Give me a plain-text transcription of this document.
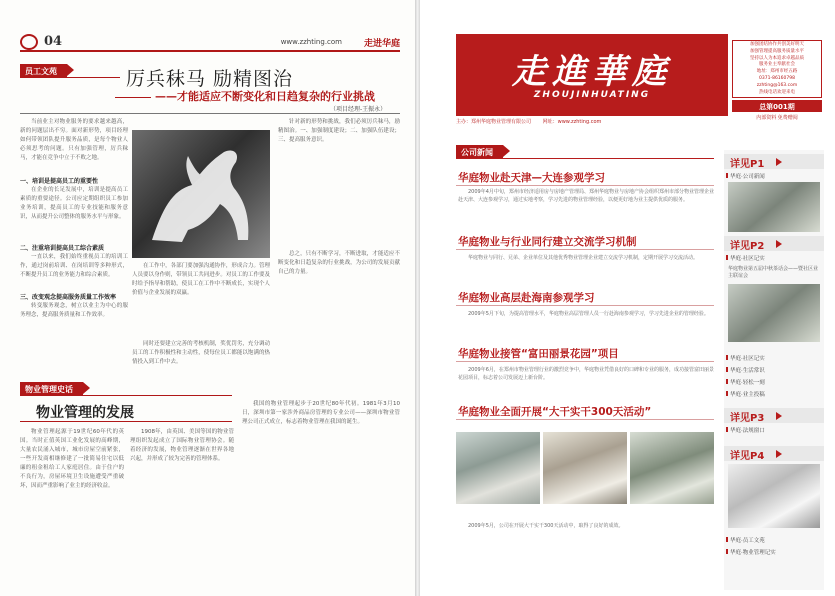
04	www.zzhting.com 走进华庭
员工文苑	厉兵秣马 励精图治
——才能适应不断变化和日趋复杂的行业挑战
（项目经理-王振永）
当前业主对物业服务的要求越来越高，新的问题层出不穷。面对新形势，项目经理如何带领团队提升服务品质，是每个物业人必须思考的问题。只有加强管理，厉兵秣马，才能在竞争中立于不败之地。
一、培训是提高员工的重要性
在企业的长足发展中，培训是提高员工素质的重要途径。公司应定期组织员工参加业务培训，提高员工的专业技能和服务意识，从而提升公司整体的服务水平与形象。
二、注重培训提高员工综合素质
一直以来，我们始终重视员工的培训工作，通过岗前培训、在岗培训等多种形式，不断提升员工的业务能力和综合素质。
三、改变观念提高服务质量工作效率
转变服务观念，树立以业主为中心的服务理念，提高服务质量和工作效率。
在工作中，各部门要加强沟通协作，形成合力。管理人员要以身作则，带领员工共同进步。对员工的工作要及时给予指导和帮助，使员工在工作中不断成长，实现个人价值与企业发展的双赢。
同时还要建立完善的考核机制，奖优罚劣，充分调动员工的工作积极性和主动性，使每位员工都能以饱满的热情投入到工作中去。
针对新的形势和挑战，我们必须厉兵秣马，励精图治。一、加强制度建设；二、加强队伍建设；三、提高服务意识。
总之，只有不断学习，不断进取，才能适应不断变化和日趋复杂的行业挑战，为公司的发展贡献自己的力量。
物业管理史话
物业管理的发展
物业管理起源于19世纪60年代的英国。当时正值英国工业化发展的高峰期，大量农民涌入城市，城市房屋空前紧张，一些开发商相继修建了一批简易住宅以低廉的租金租给工人家庭居住。由于住户的不良行为，房屋环境卫生设施遭受严重破坏，因而严重影响了业主的经济收益。
1908年，由英国、美国等国的物业管理组织发起成立了国际物业管理协会。随着经济的发展，物业管理逐渐在世界各地兴起，并形成了较为完善的管理体系。
我国的物业管理起步于20世纪80年代初。1981年3月10日，深圳市第一家涉外商品房管理的专业公司——深圳市物业管理公司正式成立，标志着物业管理在我国的诞生。
走進華庭
ZHOUJINHUATING
主办：郑州华庭物业管理有限公司 网址：www.zzhting.com
加强团结协作共创美好明天
加强管理提高服务质量水平
坚持以人为本追求卓越品质
服务业主奉献社会
地址：郑州市经五路
0371-86160798
zzhting@163.com
热线电话欢迎来电
总第001期
内部资料 免费赠阅
公司新闻
华庭物业赴天津—大连参观学习
2009年4月中旬，郑州市经济适用房与房地产管理局、郑州华庭物业与房地产协会组织郑州市部分物业管理企业赴天津、大连参观学习，通过实地考察，学习先进的物业管理经验，以便更好地为业主提供优质的服务。
华庭物业与行业同行建立交流学习机制
华庭物业与同行、兄弟、企业单位及其他优秀物业管理企业建立交流学习机制，定期开展学习交流活动。
华庭物业高层赴海南参观学习
2009年5月下旬，为提高管理水平，华庭物业高层管理人员一行赴海南参观学习，学习先进企业的管理经验。
华庭物业接管“富田丽景花园”项目
2009年6月，在郑州市物业管理行业的激烈竞争中，华庭物业凭借良好的口碑和专业的服务，成功接管富田丽景花园项目，标志着公司发展迈上新台阶。
华庭物业全面开展“大干实干300天活动”
2009年5月，公司在开展大干实干300天活动中，取得了良好的成效。
详见P1
华庭·公司新闻
详见P2
华庭·社区记实
华庭物业第五届中秋茶话会——暨社区业主联谊会
华庭·社区记实
华庭·生活常识
华庭·轻松一刻
华庭·业主投稿
详见P3
华庭·法规窗口
详见P4
华庭·员工文苑
华庭·物业管理记实
